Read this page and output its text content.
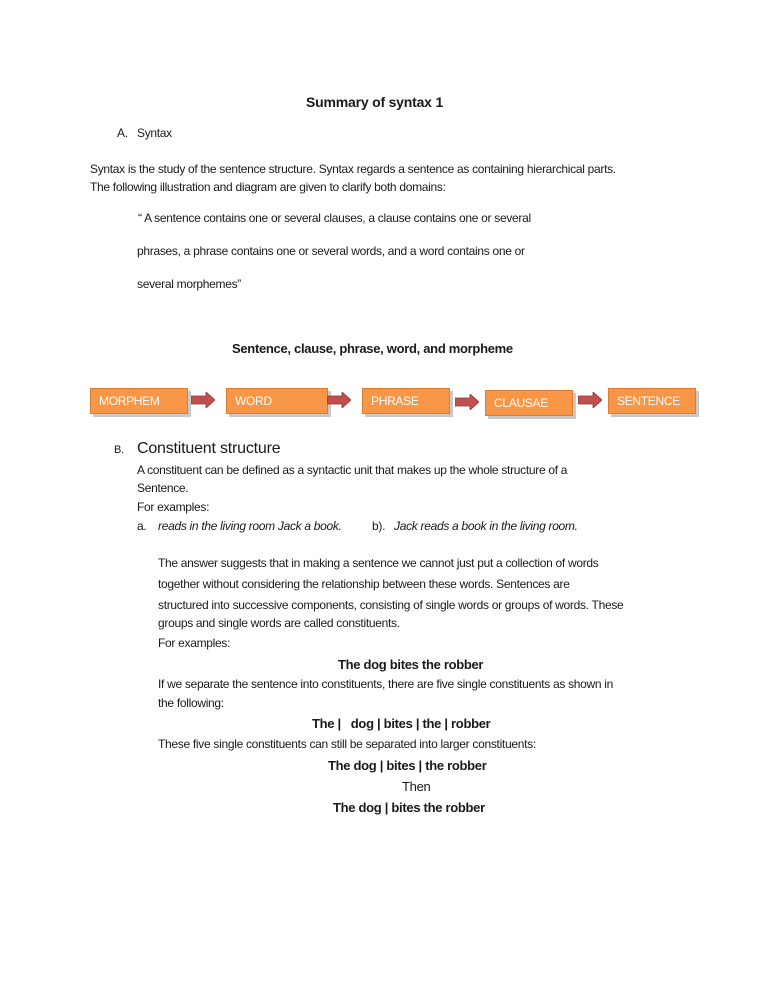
Summary of syntax 1
A. Syntax
Syntax is the study of the sentence structure. Syntax regards a sentence as containing hierarchical parts.
The following illustration and diagram are given to clarify both domains:
“ A sentence contains one or several clauses, a clause contains one or several
phrases, a phrase contains one or several words, and a word contains one or
several morphemes”
Sentence, clause, phrase, word, and morpheme
MORPHEM	WORD	PHRASE	CLAUSAE	SENTENCE
B. Constituent structure
A constituent can be defined as a syntactic unit that makes up the whole structure of a
Sentence.
For examples:
a. reads in the living room Jack a book.	b). Jack reads a book in the living room.
The answer suggests that in making a sentence we cannot just put a collection of words
together without considering the relationship between these words. Sentences are
structured into successive components, consisting of single words or groups of words. These
groups and single words are called constituents.
For examples:
The dog bites the robber
If we separate the sentence into constituents, there are five single constituents as shown in
the following:
The |   dog | bites | the | robber
These five single constituents can still be separated into larger constituents:
The dog | bites | the robber
Then
The dog | bites the robber
